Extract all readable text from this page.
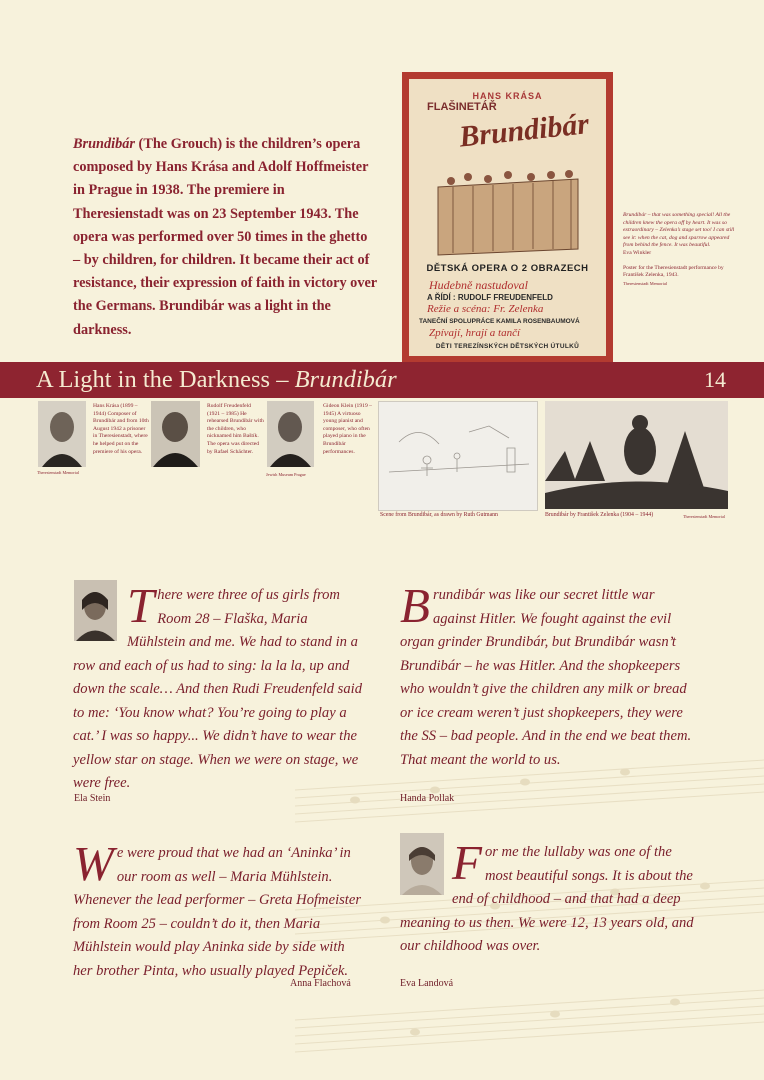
Brundibár (The Grouch) is the children’s opera composed by Hans Krása and Adolf Hoffmeister in Prague in 1938. The premiere in Theresienstadt was on 23 September 1943. The opera was performed over 50 times in the ghetto – by children, for children. It became their act of resistance, their expression of faith in victory over the Germans. Brundibár was a light in the darkness.
HANS KRÁSA
FLAŠINETÁŘ
Brundibár
DĚTSKÁ OPERA O 2 OBRAZECH
Hudebně nastudoval
A ŘÍDÍ : RUDOLF FREUDENFELD
Režie a scéna: Fr. Zelenka
TANEČNÍ SPOLUPRÁCE KAMILA ROSENBAUMOVÁ
Zpívají, hrají a tančí
DĚTI TEREZÍNSKÝCH DĚTSKÝCH ÚTULKŮ
Brundibár – that was something special! All the children knew the opera off by heart. It was so extraordinary – Zelenka’s stage set too! I can still see it: when the cat, dog and sparrow appeared from behind the fence. It was beautiful.
Eva Winkler
Poster for the Theresienstadt performance by František Zelenka, 1943.
Theresienstadt Memorial
A Light in the Darkness – Brundibár	14
Theresienstadt Memorial
Hans Krása (1899 – 1944) Composer of Brundibár and from 10th August 1942 a prisoner in Theresienstadt, where he helped put on the premiere of his opera.
Rudolf Freudenfeld (1921 – 1985) He rehearsed Brundibár with the children, who nicknamed him Baštík. The opera was directed by Rafael Schächter.
Jewish Museum Prague
Gideon Klein (1919 – 1945) A virtuoso young pianist and composer, who often played piano in the Brundibár performances.
Scene from Brundibár, as drawn by Ruth Gutmann	Brundibár by František Zelenka (1904 – 1944)	Theresienstadt Memorial
There were three of us girls from Room 28 – Flaška, Maria Mühlstein and me. We had to stand in a row and each of us had to sing: la la la, up and down the scale… And then Rudi Freudenfeld said to me: ‘You know what? You’re going to play a cat.’ I was so happy... We didn’t have to wear the yellow star on stage. When we were on stage, we were free.
Ela Stein
Brundibár was like our secret little war against Hitler. We fought against the evil organ grinder Brundibár, but Brundibár wasn’t Brundibár – he was Hitler. And the shopkeepers who wouldn’t give the children any milk or bread or ice cream weren’t just shopkeepers, they were the SS – bad people. And in the end we beat them. That meant the world to us.
Handa Pollak
We were proud that we had an ‘Aninka’ in our room as well – Maria Mühlstein. Whenever the lead performer – Greta Hofmeister from Room 25 – couldn’t do it, then Maria Mühlstein would play Aninka side by side with her brother Pinta, who usually played Pepiček.
Anna Flachová
For me the lullaby was one of the most beautiful songs. It is about the end of childhood – and that had a deep meaning to us then. We were 12, 13 years old, and our childhood was over.
Eva Landová
